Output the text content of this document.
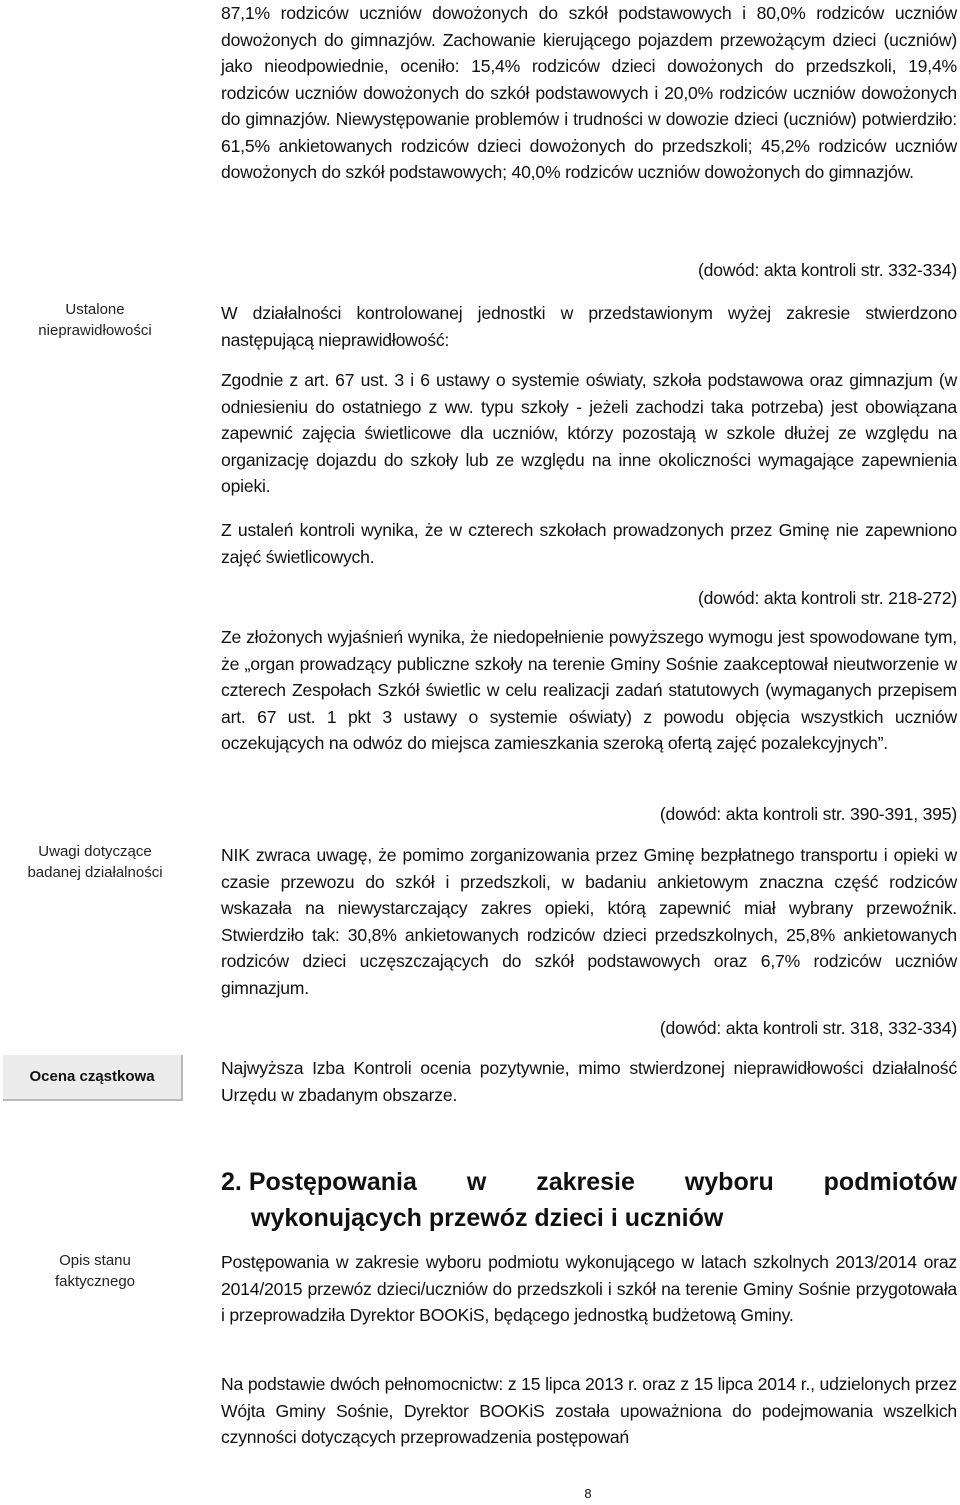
Ustalone
nieprawidłowości
Uwagi dotyczące
badanej działalności
Ocena cząstkowa
Opis stanu
faktycznego

87,1% rodziców uczniów dowożonych do szkół podstawowych i 80,0% rodziców uczniów dowożonych do gimnazjów. Zachowanie kierującego pojazdem przewożącym dzieci (uczniów) jako nieodpowiednie, oceniło: 15,4% rodziców dzieci dowożonych do przedszkoli, 19,4% rodziców uczniów dowożonych do szkół podstawowych i 20,0% rodziców uczniów dowożonych do gimnazjów. Niewystępowanie problemów i trudności w dowozie dzieci (uczniów) potwierdziło: 61,5% ankietowanych rodziców dzieci dowożonych do przedszkoli; 45,2% rodziców uczniów dowożonych do szkół podstawowych; 40,0% rodziców uczniów dowożonych do gimnazjów.

(dowód: akta kontroli str. 332-334)

W działalności kontrolowanej jednostki w przedstawionym wyżej zakresie stwierdzono następującą nieprawidłowość:

Zgodnie z art. 67 ust. 3 i 6 ustawy o systemie oświaty, szkoła podstawowa oraz gimnazjum (w odniesieniu do ostatniego z ww. typu szkoły - jeżeli zachodzi taka potrzeba) jest obowiązana zapewnić zajęcia świetlicowe dla uczniów, którzy pozostają w szkole dłużej ze względu na organizację dojazdu do szkoły lub ze względu na inne okoliczności wymagające zapewnienia opieki.

Z ustaleń kontroli wynika, że w czterech szkołach prowadzonych przez Gminę nie zapewniono zajęć świetlicowych.

(dowód: akta kontroli str. 218-272)

Ze złożonych wyjaśnień wynika, że niedopełnienie powyższego wymogu jest spowodowane tym, że „organ prowadzący publiczne szkoły na terenie Gminy Sośnie zaakceptował nieutworzenie w czterech Zespołach Szkół świetlic w celu realizacji zadań statutowych (wymaganych przepisem art. 67 ust. 1 pkt 3 ustawy o systemie oświaty) z powodu objęcia wszystkich uczniów oczekujących na odwóz do miejsca zamieszkania szeroką ofertą zajęć pozalekcyjnych”.

(dowód: akta kontroli str. 390-391, 395)

NIK zwraca uwagę, że pomimo zorganizowania przez Gminę bezpłatnego transportu i opieki w czasie przewozu do szkół i przedszkoli, w badaniu ankietowym znaczna część rodziców wskazała na niewystarczający zakres opieki, którą zapewnić miał wybrany przewoźnik. Stwierdziło tak: 30,8% ankietowanych rodziców dzieci przedszkolnych, 25,8% ankietowanych rodziców dzieci uczęszczających do szkół podstawowych oraz 6,7% rodziców uczniów gimnazjum.

(dowód: akta kontroli str. 318, 332-334)

Najwyższa Izba Kontroli ocenia pozytywnie, mimo stwierdzonej nieprawidłowości działalność Urzędu w zbadanym obszarze.

2. Postępowania w zakresie wyboru podmiotów
wykonujących przewóz dzieci i uczniów

Postępowania w zakresie wyboru podmiotu wykonującego w latach szkolnych 2013/2014 oraz 2014/2015 przewóz dzieci/uczniów do przedszkoli i szkół na terenie Gminy Sośnie przygotowała i przeprowadziła Dyrektor BOOKiS, będącego jednostką budżetową Gminy.

Na podstawie dwóch pełnomocnictw: z 15 lipca 2013 r. oraz z 15 lipca 2014 r., udzielonych przez Wójta Gminy Sośnie, Dyrektor BOOKiS została upoważniona do podejmowania wszelkich czynności dotyczących przeprowadzenia postępowań

8
